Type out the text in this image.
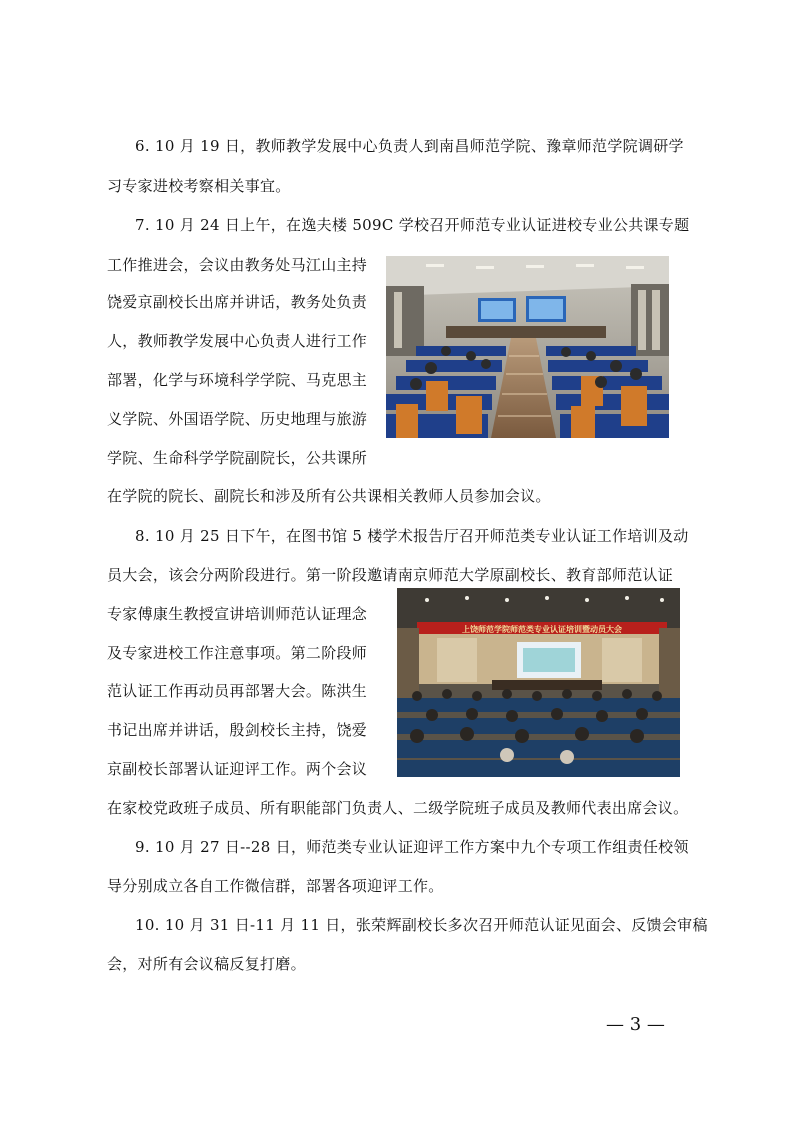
6. 10 月 19 日，教师教学发展中心负责人到南昌师范学院、豫章师范学院调研学
习专家进校考察相关事宜。
7. 10 月 24 日上午，在逸夫楼 509C 学校召开师范专业认证进校专业公共课专题
工作推进会，会议由教务处马江山主持
饶爱京副校长出席并讲话，教务处负责
人，教师教学发展中心负责人进行工作
部署，化学与环境科学学院、马克思主
义学院、外国语学院、历史地理与旅游
学院、生命科学学院副院长，公共课所
在学院的院长、副院长和涉及所有公共课相关教师人员参加会议。
8. 10 月 25 日下午，在图书馆 5 楼学术报告厅召开师范类专业认证工作培训及动
员大会，该会分两阶段进行。第一阶段邀请南京师范大学原副校长、教育部师范认证
专家傅康生教授宣讲培训师范认证理念
及专家进校工作注意事项。第二阶段师
范认证工作再动员再部署大会。陈洪生
书记出席并讲话，殷剑校长主持，饶爱
京副校长部署认证迎评工作。两个会议
在家校党政班子成员、所有职能部门负责人、二级学院班子成员及教师代表出席会议。
上饶师范学院师范类专业认证培训暨动员大会
9. 10 月 27 日--28 日，师范类专业认证迎评工作方案中九个专项工作组责任校领
导分别成立各自工作微信群，部署各项迎评工作。
10. 10 月 31 日-11 月 11 日，张荣辉副校长多次召开师范认证见面会、反馈会审稿
会，对所有会议稿反复打磨。
— 3 —
